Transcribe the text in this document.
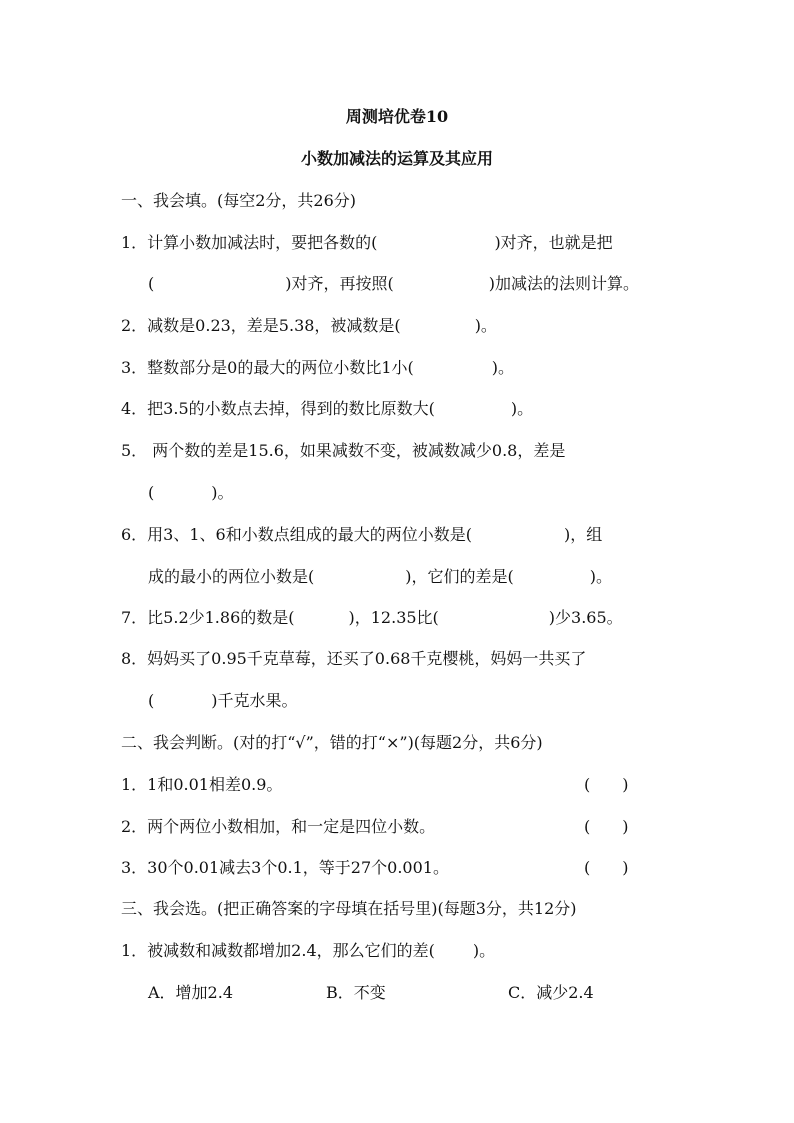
周测培优卷10
小数加减法的运算及其应用
一、我会填。(每空2分，共26分)
1．计算小数加减法时，要把各数的(	)对齐，也就是把
(	)对齐，再按照(	)加减法的法则计算。
2．减数是0.23，差是5.38，被减数是(	)。
3．整数部分是0的最大的两位小数比1小(	)。
4．把3.5的小数点去掉，得到的数比原数大(	)。
5． 两个数的差是15.6，如果减数不变，被减数减少0.8，差是
(	)。
6．用3、1、6和小数点组成的最大的两位小数是(	)，组
成的最小的两位小数是(	)，它们的差是(	)。
7．比5.2少1.86的数是(	)，12.35比(	)少3.65。
8．妈妈买了0.95千克草莓，还买了0.68千克樱桃，妈妈一共买了
(	)千克水果。
二、我会判断。(对的打“√”，错的打“×”)(每题2分，共6分)
1．1和0.01相差0.9。	(　　)
2．两个两位小数相加，和一定是四位小数。	(　　)
3．30个0.01减去3个0.1，等于27个0.001。	(　　)
三、我会选。(把正确答案的字母填在括号里)(每题3分，共12分)
1．被减数和减数都增加2.4，那么它们的差( )。
A．增加2.4	B．不变	C．减少2.4
